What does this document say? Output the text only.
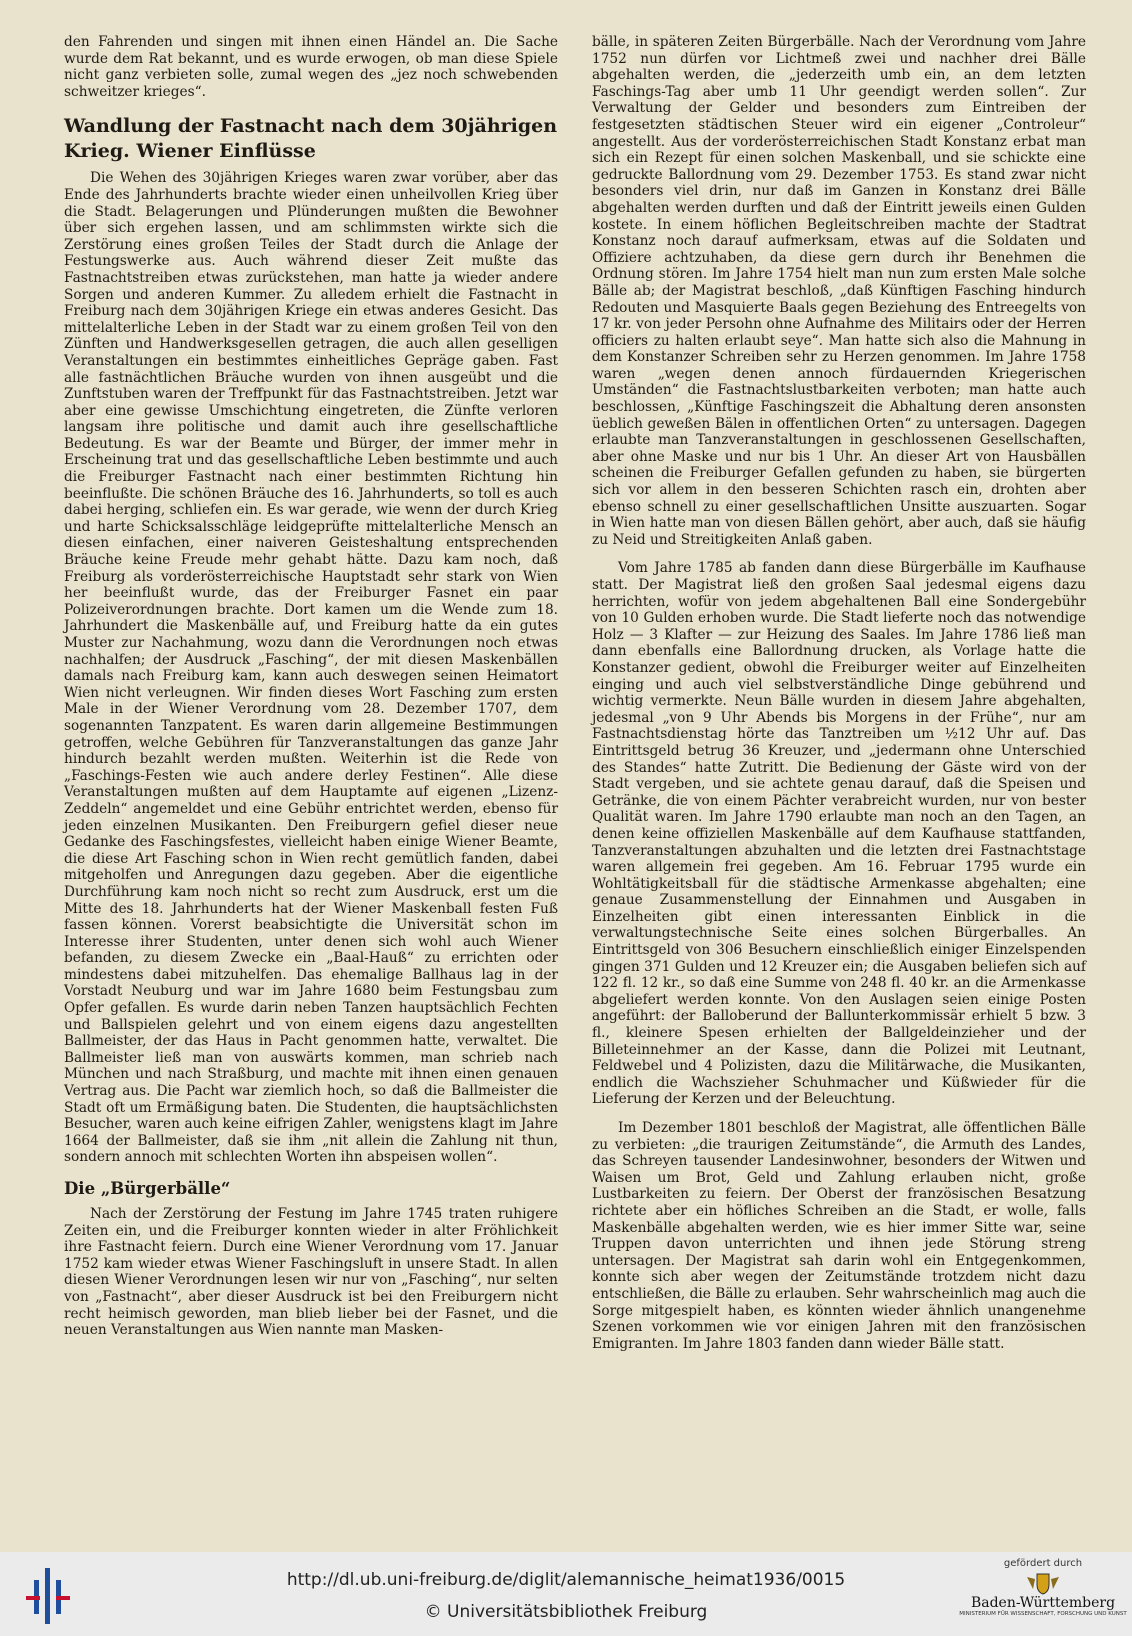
den Fahrenden und singen mit ihnen einen Händel an. Die Sache wurde dem Rat bekannt, und es wurde erwogen, ob man diese Spiele nicht ganz verbieten solle, zumal wegen des „jez noch schwebenden schweitzer krieges“.

Wandlung der Fastnacht nach dem 30jährigen Krieg. Wiener Einflüsse

Die Wehen des 30jährigen Krieges waren zwar vorüber, aber das Ende des Jahrhunderts brachte wieder einen unheilvollen Krieg über die Stadt. Belagerungen und Plünderungen mußten die Bewohner über sich ergehen lassen, und am schlimmsten wirkte sich die Zerstörung eines großen Teiles der Stadt durch die Anlage der Festungswerke aus. Auch während dieser Zeit mußte das Fastnachtstreiben etwas zurückstehen, man hatte ja wieder andere Sorgen und anderen Kummer. Zu alledem erhielt die Fastnacht in Freiburg nach dem 30jährigen Kriege ein etwas anderes Gesicht. Das mittelalterliche Leben in der Stadt war zu einem großen Teil von den Zünften und Handwerksgesellen getragen, die auch allen geselligen Veranstaltungen ein bestimmtes einheitliches Gepräge gaben. Fast alle fastnächtlichen Bräuche wurden von ihnen ausgeübt und die Zunftstuben waren der Treffpunkt für das Fastnachtstreiben. Jetzt war aber eine gewisse Umschichtung eingetreten, die Zünfte verloren langsam ihre politische und damit auch ihre gesellschaftliche Bedeutung. Es war der Beamte und Bürger, der immer mehr in Erscheinung trat und das gesellschaftliche Leben bestimmte und auch die Freiburger Fastnacht nach einer bestimmten Richtung hin beeinflußte. Die schönen Bräuche des 16. Jahrhunderts, so toll es auch dabei herging, schliefen ein. Es war gerade, wie wenn der durch Krieg und harte Schicksalsschläge leidgeprüfte mittelalterliche Mensch an diesen einfachen, einer naiveren Geisteshaltung entsprechenden Bräuche keine Freude mehr gehabt hätte. Dazu kam noch, daß Freiburg als vorderösterreichische Hauptstadt sehr stark von Wien her beeinflußt wurde, das der Freiburger Fasnet ein paar Polizeiverordnungen brachte. Dort kamen um die Wende zum 18. Jahrhundert die Maskenbälle auf, und Freiburg hatte da ein gutes Muster zur Nachahmung, wozu dann die Verordnungen noch etwas nachhalfen; der Ausdruck „Fasching“, der mit diesen Maskenbällen damals nach Freiburg kam, kann auch deswegen seinen Heimatort Wien nicht verleugnen. Wir finden dieses Wort Fasching zum ersten Male in der Wiener Verordnung vom 28. Dezember 1707, dem sogenannten Tanzpatent. Es waren darin allgemeine Bestimmungen getroffen, welche Gebühren für Tanzveranstaltungen das ganze Jahr hindurch bezahlt werden mußten. Weiterhin ist die Rede von „Faschings-Festen wie auch andere derley Festinen“. Alle diese Veranstaltungen mußten auf dem Hauptamte auf eigenen „Lizenz-Zeddeln“ angemeldet und eine Gebühr entrichtet werden, ebenso für jeden einzelnen Musikanten. Den Freiburgern gefiel dieser neue Gedanke des Faschingsfestes, vielleicht haben einige Wiener Beamte, die diese Art Fasching schon in Wien recht gemütlich fanden, dabei mitgeholfen und Anregungen dazu gegeben. Aber die eigentliche Durchführung kam noch nicht so recht zum Ausdruck, erst um die Mitte des 18. Jahrhunderts hat der Wiener Maskenball festen Fuß fassen können. Vorerst beabsichtigte die Universität schon im Interesse ihrer Studenten, unter denen sich wohl auch Wiener befanden, zu diesem Zwecke ein „Baal-Hauß“ zu errichten oder mindestens dabei mitzuhelfen. Das ehemalige Ballhaus lag in der Vorstadt Neuburg und war im Jahre 1680 beim Festungsbau zum Opfer gefallen. Es wurde darin neben Tanzen hauptsächlich Fechten und Ballspielen gelehrt und von einem eigens dazu angestellten Ballmeister, der das Haus in Pacht genommen hatte, verwaltet. Die Ballmeister ließ man von auswärts kommen, man schrieb nach München und nach Straßburg, und machte mit ihnen einen genauen Vertrag aus. Die Pacht war ziemlich hoch, so daß die Ballmeister die Stadt oft um Ermäßigung baten. Die Studenten, die hauptsächlichsten Besucher, waren auch keine eifrigen Zahler, wenigstens klagt im Jahre 1664 der Ballmeister, daß sie ihm „nit allein die Zahlung nit thun, sondern annoch mit schlechten Worten ihn abspeisen wollen“.

Die „Bürgerbälle“

Nach der Zerstörung der Festung im Jahre 1745 traten ruhigere Zeiten ein, und die Freiburger konnten wieder in alter Fröhlichkeit ihre Fastnacht feiern. Durch eine Wiener Verordnung vom 17. Januar 1752 kam wieder etwas Wiener Faschingsluft in unsere Stadt. In allen diesen Wiener Verordnungen lesen wir nur von „Fasching“, nur selten von „Fastnacht“, aber dieser Ausdruck ist bei den Freiburgern nicht recht heimisch geworden, man blieb lieber bei der Fasnet, und die neuen Veranstaltungen aus Wien nannte man Masken-

bälle, in späteren Zeiten Bürgerbälle. Nach der Verordnung vom Jahre 1752 nun dürfen vor Lichtmeß zwei und nachher drei Bälle abgehalten werden, die „jederzeith umb ein, an dem letzten Faschings-Tag aber umb 11 Uhr geendigt werden sollen“. Zur Verwaltung der Gelder und besonders zum Eintreiben der festgesetzten städtischen Steuer wird ein eigener „Controleur“ angestellt. Aus der vorderösterreichischen Stadt Konstanz erbat man sich ein Rezept für einen solchen Maskenball, und sie schickte eine gedruckte Ballordnung vom 29. Dezember 1753. Es stand zwar nicht besonders viel drin, nur daß im Ganzen in Konstanz drei Bälle abgehalten werden durften und daß der Eintritt jeweils einen Gulden kostete. In einem höflichen Begleitschreiben machte der Stadtrat Konstanz noch darauf aufmerksam, etwas auf die Soldaten und Offiziere achtzuhaben, da diese gern durch ihr Benehmen die Ordnung stören. Im Jahre 1754 hielt man nun zum ersten Male solche Bälle ab; der Magistrat beschloß, „daß Künftigen Fasching hindurch Redouten und Masquierte Baals gegen Beziehung des Entreegelts von 17 kr. von jeder Persohn ohne Aufnahme des Militairs oder der Herren officiers zu halten erlaubt seye“. Man hatte sich also die Mahnung in dem Konstanzer Schreiben sehr zu Herzen genommen. Im Jahre 1758 waren „wegen denen annoch fürdauernden Kriegerischen Umständen“ die Fastnachtslustbarkeiten verboten; man hatte auch beschlossen, „Künftige Faschingszeit die Abhaltung deren ansonsten üeblich geweßen Bälen in offentlichen Orten“ zu untersagen. Dagegen erlaubte man Tanzveranstaltungen in geschlossenen Gesellschaften, aber ohne Maske und nur bis 1 Uhr. An dieser Art von Hausbällen scheinen die Freiburger Gefallen gefunden zu haben, sie bürgerten sich vor allem in den besseren Schichten rasch ein, drohten aber ebenso schnell zu einer gesellschaftlichen Unsitte auszuarten. Sogar in Wien hatte man von diesen Bällen gehört, aber auch, daß sie häufig zu Neid und Streitigkeiten Anlaß gaben.

Vom Jahre 1785 ab fanden dann diese Bürgerbälle im Kaufhause statt. Der Magistrat ließ den großen Saal jedesmal eigens dazu herrichten, wofür von jedem abgehaltenen Ball eine Sondergebühr von 10 Gulden erhoben wurde. Die Stadt lieferte noch das notwendige Holz — 3 Klafter — zur Heizung des Saales. Im Jahre 1786 ließ man dann ebenfalls eine Ballordnung drucken, als Vorlage hatte die Konstanzer gedient, obwohl die Freiburger weiter auf Einzelheiten einging und auch viel selbstverständliche Dinge gebührend und wichtig vermerkte. Neun Bälle wurden in diesem Jahre abgehalten, jedesmal „von 9 Uhr Abends bis Morgens in der Frühe“, nur am Fastnachtsdienstag hörte das Tanztreiben um ½12 Uhr auf. Das Eintrittsgeld betrug 36 Kreuzer, und „jedermann ohne Unterschied des Standes“ hatte Zutritt. Die Bedienung der Gäste wird von der Stadt vergeben, und sie achtete genau darauf, daß die Speisen und Getränke, die von einem Pächter verabreicht wurden, nur von bester Qualität waren. Im Jahre 1790 erlaubte man noch an den Tagen, an denen keine offiziellen Maskenbälle auf dem Kaufhause stattfanden, Tanzveranstaltungen abzuhalten und die letzten drei Fastnachtstage waren allgemein frei gegeben. Am 16. Februar 1795 wurde ein Wohltätigkeitsball für die städtische Armenkasse abgehalten; eine genaue Zusammenstellung der Einnahmen und Ausgaben in Einzelheiten gibt einen interessanten Einblick in die verwaltungstechnische Seite eines solchen Bürgerballes. An Eintrittsgeld von 306 Besuchern einschließlich einiger Einzelspenden gingen 371 Gulden und 12 Kreuzer ein; die Ausgaben beliefen sich auf 122 fl. 12 kr., so daß eine Summe von 248 fl. 40 kr. an die Armenkasse abgeliefert werden konnte. Von den Auslagen seien einige Posten angeführt: der Balloberund der Ballunterkommissär erhielt 5 bzw. 3 fl., kleinere Spesen erhielten der Ballgeldeinzieher und der Billeteinnehmer an der Kasse, dann die Polizei mit Leutnant, Feldwebel und 4 Polizisten, dazu die Militärwache, die Musikanten, endlich die Wachszieher Schuhmacher und Küßwieder für die Lieferung der Kerzen und der Beleuchtung.

Im Dezember 1801 beschloß der Magistrat, alle öffentlichen Bälle zu verbieten: „die traurigen Zeitumstände“, die Armuth des Landes, das Schreyen tausender Landesinwohner, besonders der Witwen und Waisen um Brot, Geld und Zahlung erlauben nicht, große Lustbarkeiten zu feiern. Der Oberst der französischen Besatzung richtete aber ein höfliches Schreiben an die Stadt, er wolle, falls Maskenbälle abgehalten werden, wie es hier immer Sitte war, seine Truppen davon unterrichten und ihnen jede Störung streng untersagen. Der Magistrat sah darin wohl ein Entgegenkommen, konnte sich aber wegen der Zeitumstände trotzdem nicht dazu entschließen, die Bälle zu erlauben. Sehr wahrscheinlich mag auch die Sorge mitgespielt haben, es könnten wieder ähnlich unangenehme Szenen vorkommen wie vor einigen Jahren mit den französischen Emigranten. Im Jahre 1803 fanden dann wieder Bälle statt.

http://dl.ub.uni-freiburg.de/diglit/alemannische_heimat1936/0015
© Universitätsbibliothek Freiburg
gefördert durch
Baden-Württemberg
MINISTERIUM FÜR WISSENSCHAFT, FORSCHUNG UND KUNST
